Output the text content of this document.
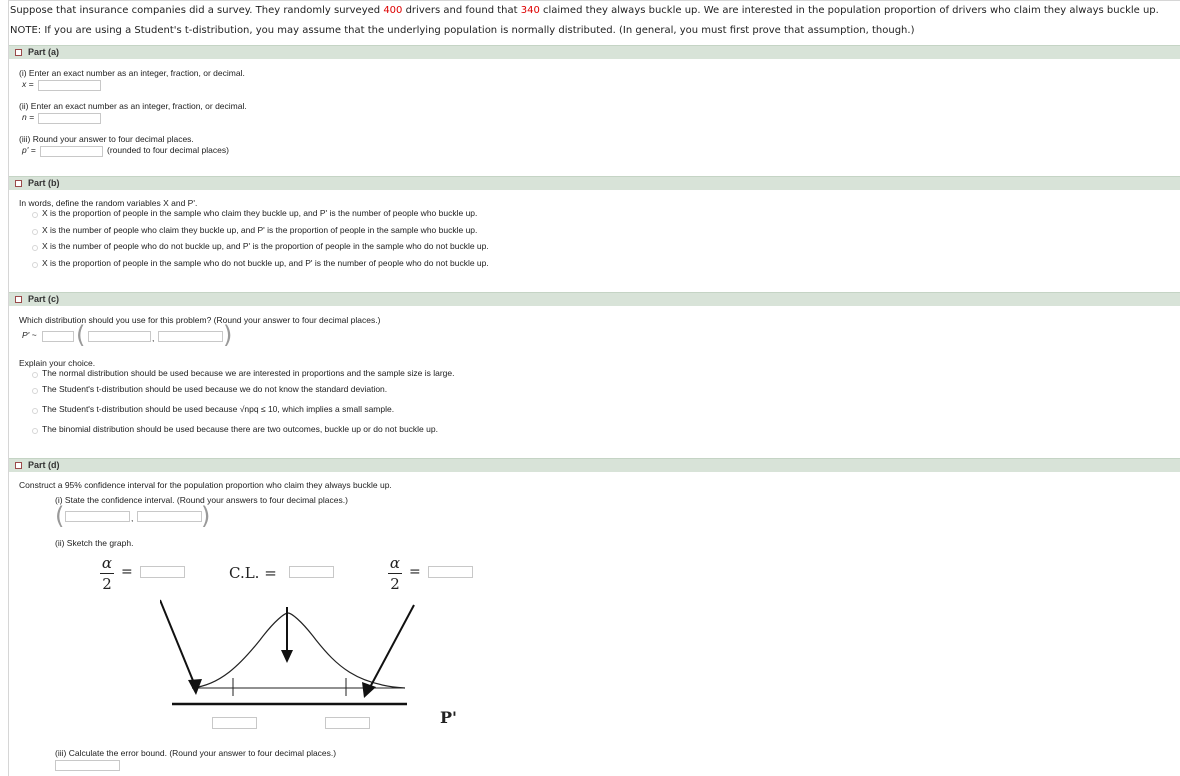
Suppose that insurance companies did a survey. They randomly surveyed 400 drivers and found that 340 claimed they always buckle up. We are interested in the population proportion of drivers who claim they always buckle up.
NOTE: If you are using a Student's t-distribution, you may assume that the underlying population is normally distributed. (In general, you must first prove that assumption, though.)
Part (a)
(i) Enter an exact number as an integer, fraction, or decimal.
x =
(ii) Enter an exact number as an integer, fraction, or decimal.
n =
(iii) Round your answer to four decimal places.
p' =	(rounded to four decimal places)
Part (b)
In words, define the random variables X and P'.
X is the proportion of people in the sample who claim they buckle up, and P' is the number of people who buckle up.
X is the number of people who claim they buckle up, and P' is the proportion of people in the sample who buckle up.
X is the number of people who do not buckle up, and P' is the proportion of people in the sample who do not buckle up.
X is the proportion of people in the sample who do not buckle up, and P' is the number of people who do not buckle up.
Part (c)
Which distribution should you use for this problem? (Round your answer to four decimal places.)
P' ~ (	,	)
Explain your choice.
The normal distribution should be used because we are interested in proportions and the sample size is large.
The Student's t-distribution should be used because we do not know the standard deviation.
The Student's t-distribution should be used because √npq ≤ 10, which implies a small sample.
The binomial distribution should be used because there are two outcomes, buckle up or do not buckle up.
Part (d)
Construct a 95% confidence interval for the population proportion who claim they always buckle up.
(i) State the confidence interval. (Round your answers to four decimal places.)
(	,	)
(ii) Sketch the graph.
α
2
=	C.L. =
α
2
=
P'
(iii) Calculate the error bound. (Round your answer to four decimal places.)
